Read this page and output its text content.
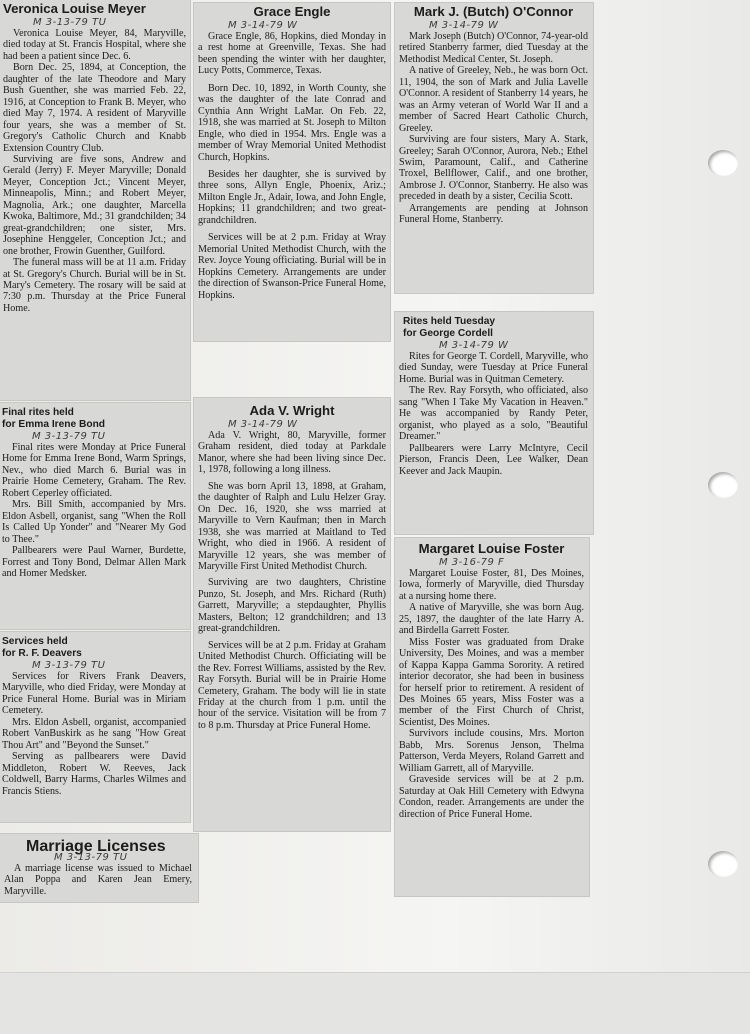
Veronica Louise Meyer
M 3-13-79 TU

Veronica Louise Meyer, 84, Maryville, died today at St. Francis Hospital, where she had been a patient since Dec. 6.

Born Dec. 25, 1894, at Conception, the daughter of the late Theodore and Mary Bush Guenther, she was married Feb. 22, 1916, at Conception to Frank B. Meyer, who died May 7, 1974. A resident of Maryville four years, she was a member of St. Gregory's Catholic Church and Knabb Extension Country Club.

Surviving are five sons, Andrew and Gerald (Jerry) F. Meyer Maryville; Donald Meyer, Conception Jct.; Vincent Meyer, Minneapolis, Minn.; and Robert Meyer, Magnolia, Ark.; one daughter, Marcella Kwoka, Baltimore, Md.; 31 grandchilden; 34 great-grandchildren; one sister, Mrs. Josephine Henggeler, Conception Jct.; and one brother, Frowin Guenther, Guilford.

The funeral mass will be at 11 a.m. Friday at St. Gregory's Church. Burial will be in St. Mary's Cemetery. The rosary will be said at 7:30 p.m. Thursday at the Price Funeral Home.

Final rites held
for Emma Irene Bond
M 3-13-79 TU

Final rites were Monday at Price Funeral Home for Emma Irene Bond, Warm Springs, Nev., who died March 6. Burial was in Prairie Home Cemetery, Graham. The Rev. Robert Ceperley officiated.

Mrs. Bill Smith, accompanied by Mrs. Eldon Asbell, organist, sang "When the Roll Is Called Up Yonder" and "Nearer My God to Thee."

Pallbearers were Paul Warner, Burdette, Forrest and Tony Bond, Delmar Allen Mark and Homer Medsker.

Services held
for R. F. Deavers
M 3-13-79 TU

Services for Rivers Frank Deavers, Maryville, who died Friday, were Monday at Price Funeral Home. Burial was in Miriam Cemetery.

Mrs. Eldon Asbell, organist, accompanied Robert VanBuskirk as he sang "How Great Thou Art" and "Beyond the Sunset."

Serving as pallbearers were David Middleton, Robert W. Reeves, Jack Coldwell, Barry Harms, Charles Wilmes and Francis Stiens.

Marriage Licenses
M 3-13-79 TU

A marriage license was issued to Michael Alan Poppa and Karen Jean Emery, Maryville.

Grace Engle
M 3-14-79 W

Grace Engle, 86, Hopkins, died Monday in a rest home at Greenville, Texas. She had been spending the winter with her daughter, Lucy Potts, Commerce, Texas.

Born Dec. 10, 1892, in Worth County, she was the daughter of the late Conrad and Cynthia Ann Wright LaMar. On Feb. 22, 1918, she was married at St. Joseph to Milton Engle, who died in 1954. Mrs. Engle was a member of Wray Memorial United Methodist Church, Hopkins.

Besides her daughter, she is survived by three sons, Allyn Engle, Phoenix, Ariz.; Milton Engle Jr., Adair, Iowa, and John Engle, Hopkins; 11 grandchildren; and two great-grandchildren.

Services will be at 2 p.m. Friday at Wray Memorial United Methodist Church, with the Rev. Joyce Young officiating. Burial will be in Hopkins Cemetery. Arrangements are under the direction of Swanson-Price Funeral Home, Hopkins.

Ada V. Wright
M 3-14-79 W

Ada V. Wright, 80, Maryville, former Graham resident, died today at Parkdale Manor, where she had been living since Dec. 1, 1978, following a long illness.

She was born April 13, 1898, at Graham, the daughter of Ralph and Lulu Helzer Gray. On Dec. 16, 1920, she wss married at Maryville to Vern Kaufman; then in March 1938, she was married at Maitland to Ted Wright, who died in 1966. A resident of Maryville 12 years, she was member of Maryville First United Methodist Church.

Surviving are two daughters, Christine Punzo, St. Joseph, and Mrs. Richard (Ruth) Garrett, Maryville; a stepdaughter, Phyllis Masters, Belton; 12 grandchildren; and 13 great-grandchildren.

Services will be at 2 p.m. Friday at Graham United Methodist Church. Officiating will be the Rev. Forrest Williams, assisted by the Rev. Ray Forsyth. Burial will be in Prairie Home Cemetery, Graham. The body will lie in state Friday at the church from 1 p.m. until the hour of the service. Visitation will be from 7 to 8 p.m. Thursday at Price Funeral Home.

Mark J. (Butch) O'Connor
M 3-14-79 W

Mark Joseph (Butch) O'Connor, 74-year-old retired Stanberry farmer, died Tuesday at the Methodist Medical Center, St. Joseph.

A native of Greeley, Neb., he was born Oct. 11, 1904, the son of Mark and Julia Lavelle O'Connor. A resident of Stanberry 14 years, he was an Army veteran of World War II and a member of Sacred Heart Catholic Church, Greeley.

Surviving are four sisters, Mary A. Stark, Greeley; Sarah O'Connor, Aurora, Neb.; Ethel Swim, Paramount, Calif., and Catherine Troxel, Bellflower, Calif., and one brother, Ambrose J. O'Connor, Stanberry. He also was preceded in death by a sister, Cecilia Scott.

Arrangements are pending at Johnson Funeral Home, Stanberry.

Rites held Tuesday
for George Cordell
M 3-14-79 W

Rites for George T. Cordell, Maryville, who died Sunday, were Tuesday at Price Funeral Home. Burial was in Quitman Cemetery.

The Rev. Ray Forsyth, who officiated, also sang "When I Take My Vacation in Heaven." He was accompanied by Randy Peter, organist, who played as a solo, "Beautiful Dreamer."

Pallbearers were Larry McIntyre, Cecil Pierson, Francis Deen, Lee Walker, Dean Keever and Jack Maupin.

Margaret Louise Foster
M 3-16-79 F

Margaret Louise Foster, 81, Des Moines, Iowa, formerly of Maryville, died Thursday at a nursing home there.

A native of Maryville, she was born Aug. 25, 1897, the daughter of the late Harry A. and Birdella Garrett Foster.

Miss Foster was graduated from Drake University, Des Moines, and was a member of Kappa Kappa Gamma Sorority. A retired interior decorator, she had been in business for herself prior to retirement. A resident of Des Moines 65 years, Miss Foster was a member of the First Church of Christ, Scientist, Des Moines.

Survivors include cousins, Mrs. Morton Babb, Mrs. Sorenus Jenson, Thelma Patterson, Verda Meyers, Roland Garrett and William Garrett, all of Maryville.

Graveside services will be at 2 p.m. Saturday at Oak Hill Cemetery with Edwyna Condon, reader. Arrangements are under the direction of Price Funeral Home.
